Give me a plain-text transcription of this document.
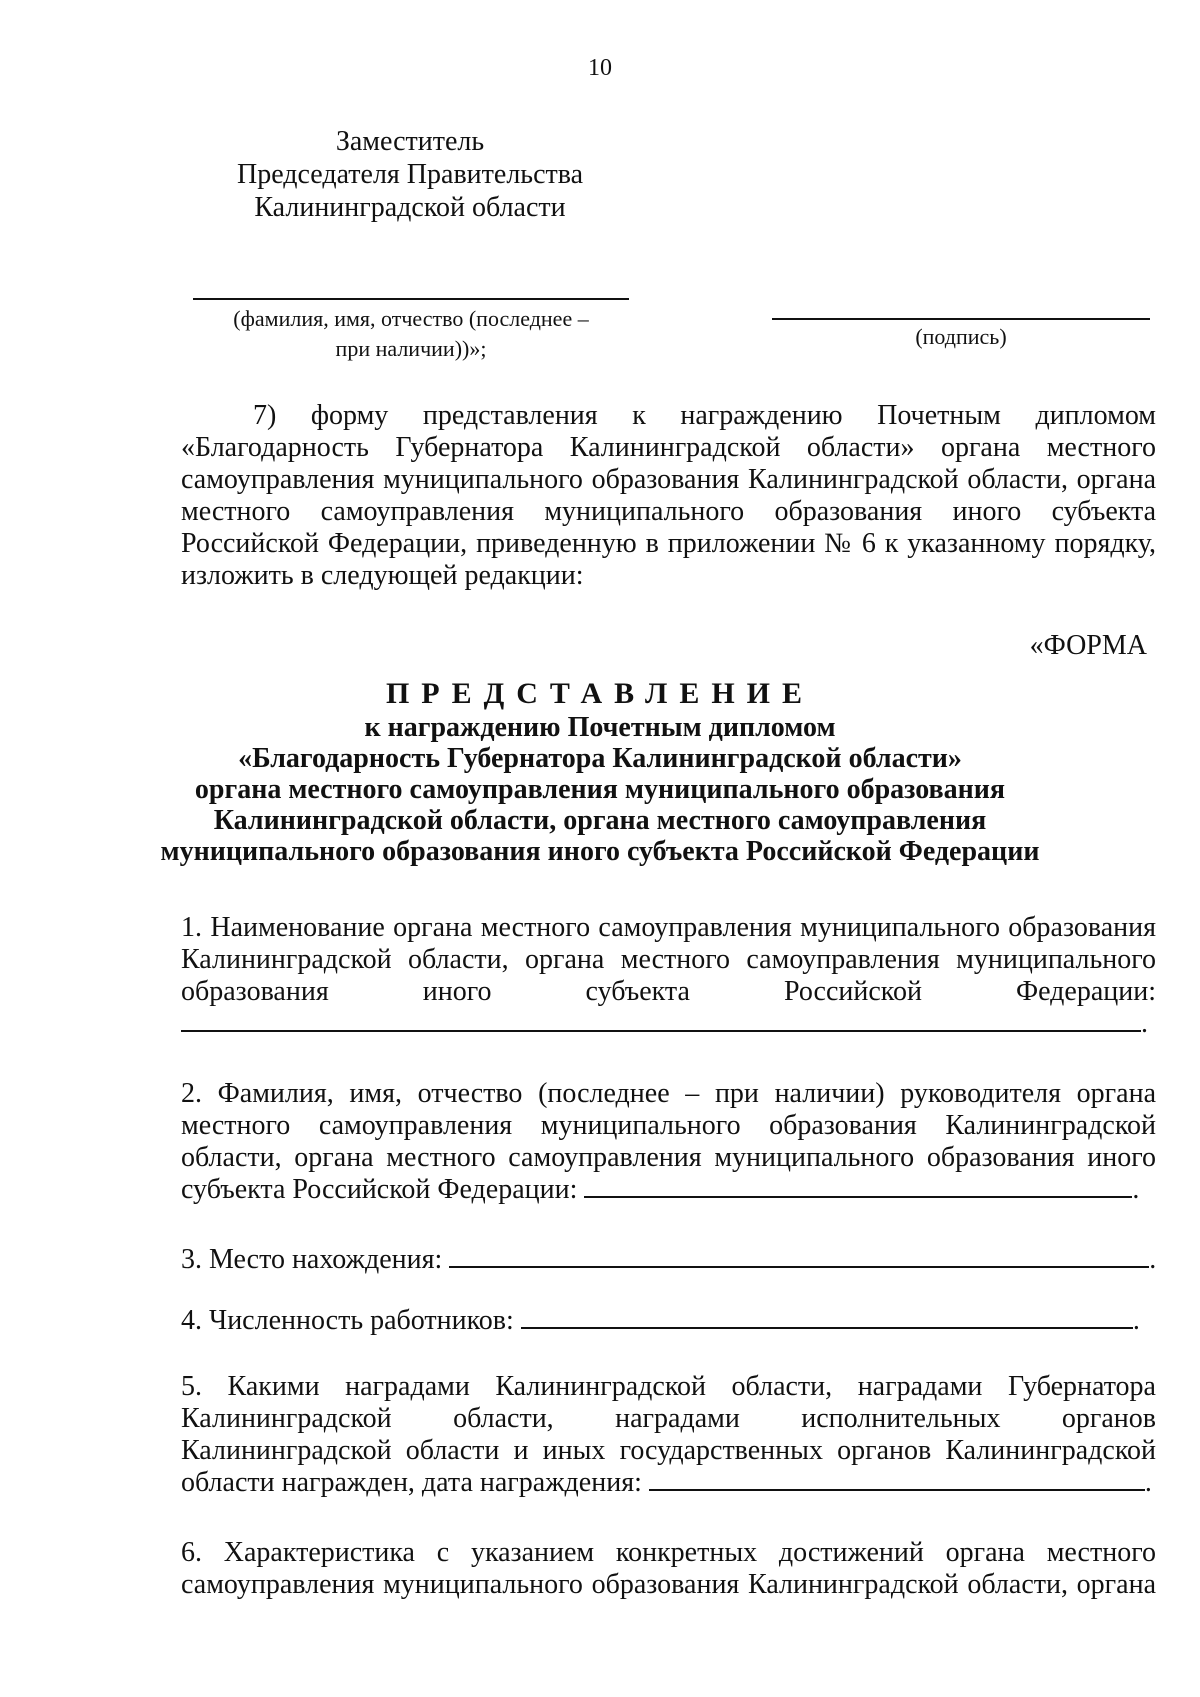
10
Заместитель
Председателя Правительства
Калининградской области
(фамилия, имя, отчество (последнее –
при наличии))»;	(подпись)
7) форму представления к награждению Почетным дипломом
«Благодарность Губернатора Калининградской области» органа местного
самоуправления муниципального образования Калининградской области, органа
местного самоуправления муниципального образования иного субъекта
Российской Федерации, приведенную в приложении № 6 к указанному порядку,
изложить в следующей редакции:
«ФОРМА
ПРЕДСТАВЛЕНИЕ
к награждению Почетным дипломом
«Благодарность Губернатора Калининградской области»
органа местного самоуправления муниципального образования
Калининградской области, органа местного самоуправления
муниципального образования иного субъекта Российской Федерации
1. Наименование органа местного самоуправления муниципального образования
Калининградской области, органа местного самоуправления муниципального
образования иного субъекта Российской Федерации:
.
2. Фамилия, имя, отчество (последнее – при наличии) руководителя органа
местного самоуправления муниципального образования Калининградской
области, органа местного самоуправления муниципального образования иного
субъекта Российской Федерации:	.
3. Место нахождения:	.
4. Численность работников:	.
5. Какими наградами Калининградской области, наградами Губернатора
Калининградской области, наградами исполнительных органов
Калининградской области и иных государственных органов Калининградской
области награжден, дата награждения:	.
6. Характеристика с указанием конкретных достижений органа местного
самоуправления муниципального образования Калининградской области, органа
